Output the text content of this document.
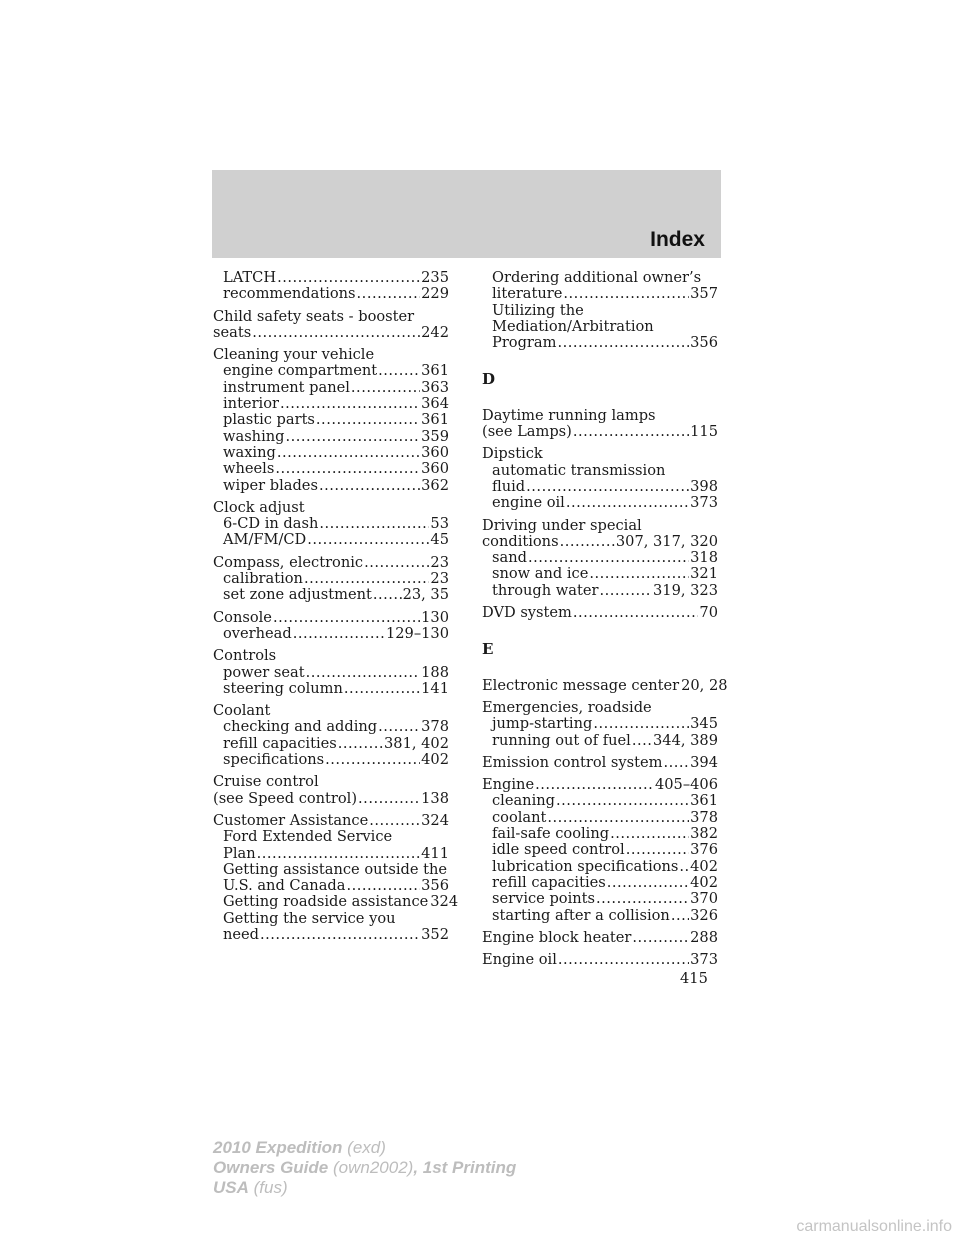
Index
LATCH .....	235
recommendations .....	229
Child safety seats - booster
seats .....	242
Cleaning your vehicle
engine compartment .....	361
instrument panel .....	363
interior .....	364
plastic parts .....	361
washing .....	359
waxing .....	360
wheels .....	360
wiper blades .....	362
Clock adjust
6-CD in dash .....	53
AM/FM/CD .....	45
Compass, electronic .....	23
calibration .....	23
set zone adjustment ..... 23, 35
Console .....	130
overhead .....	129–130
Controls
power seat .....	188
steering column .....	141
Coolant
checking and adding .....	378
refill capacities .....	381, 402
specifications .....	402
Cruise control
(see Speed control) .....	138
Customer Assistance .....	324
Ford Extended Service
Plan .....	411
Getting assistance outside the
U.S. and Canada .....	356
Getting roadside assistance 324
Getting the service you
need .....	352
Ordering additional owner’s
literature .....	357
Utilizing the
Mediation/Arbitration
Program .....	356
D
Daytime running lamps
(see Lamps) .....	115
Dipstick
automatic transmission
fluid .....	398
engine oil .....	373
Driving under special
conditions .....	307, 317, 320
sand .....	318
snow and ice .....	321
through water .....	319, 323
DVD system .....	70
E
Electronic message center 20, 28
Emergencies, roadside
jump-starting .....	345
running out of fuel ..... 344, 389
Emission control system ..... 394
Engine .....	405–406
cleaning .....	361
coolant .....	378
fail-safe cooling .....	382
idle speed control .....	376
lubrication specifications ..... 402
refill capacities .....	402
service points .....	370
starting after a collision ..... 326
Engine block heater .....	288
Engine oil .....	373
415
2010 Expedition (exd)
Owners Guide (own2002), 1st Printing
USA (fus)
carmanualsonline.info
